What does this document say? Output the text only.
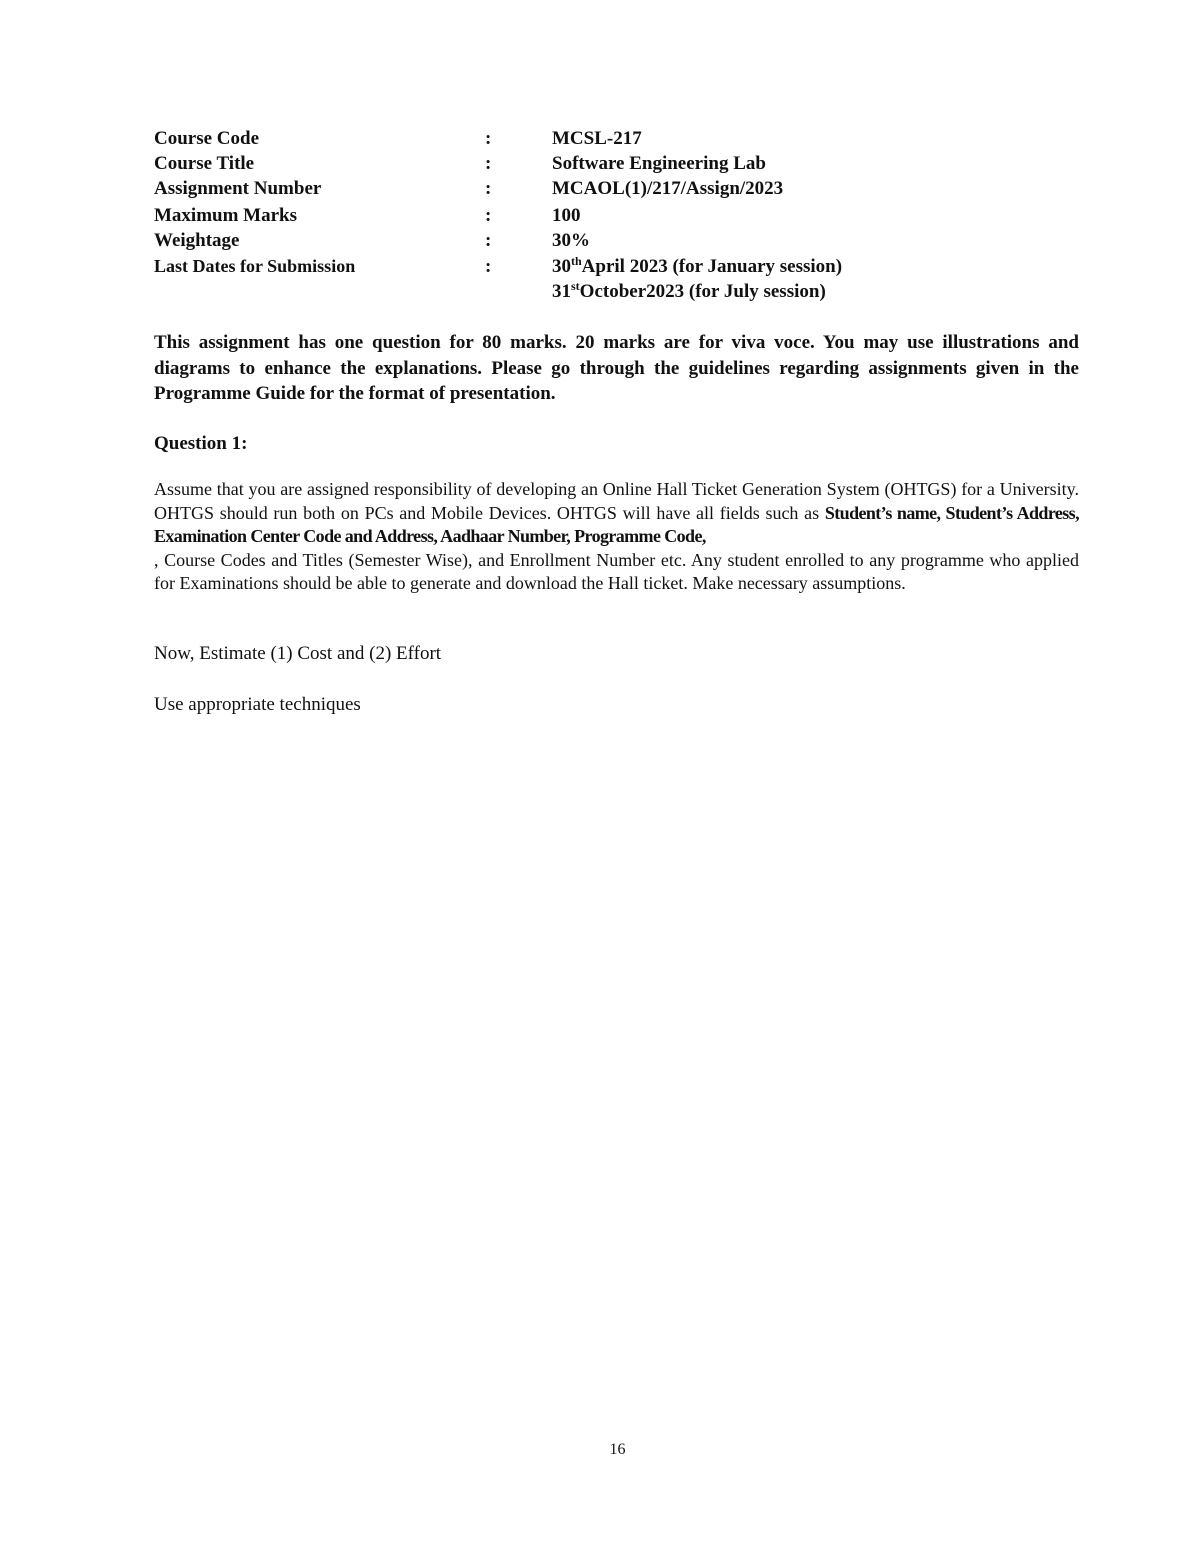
Course Code	:	MCSL-217
Course Title	:	Software Engineering Lab
Assignment Number	:	MCAOL(1)/217/Assign/2023
Maximum Marks	:	100
Weightage	:	30%
Last Dates for Submission	:	30thApril 2023 (for January session)
31stOctober2023 (for July session)
This assignment has one question for 80 marks. 20 marks are for viva voce. You may use illustrations and diagrams to enhance the explanations. Please go through the guidelines regarding assignments given in the Programme Guide for the format of presentation.
Question 1:
Assume that you are assigned responsibility of developing an Online Hall Ticket Generation System (OHTGS) for a University. OHTGS should run both on PCs and Mobile Devices. OHTGS will have all fields such as Student’s name, Student’s Address, Examination Center Code and Address, Aadhaar Number, Programme Code,
, Course Codes and Titles (Semester Wise), and Enrollment Number etc. Any student enrolled to any programme who applied for Examinations should be able to generate and download the Hall ticket. Make necessary assumptions.
Now, Estimate (1) Cost and (2) Effort
Use appropriate techniques
16
